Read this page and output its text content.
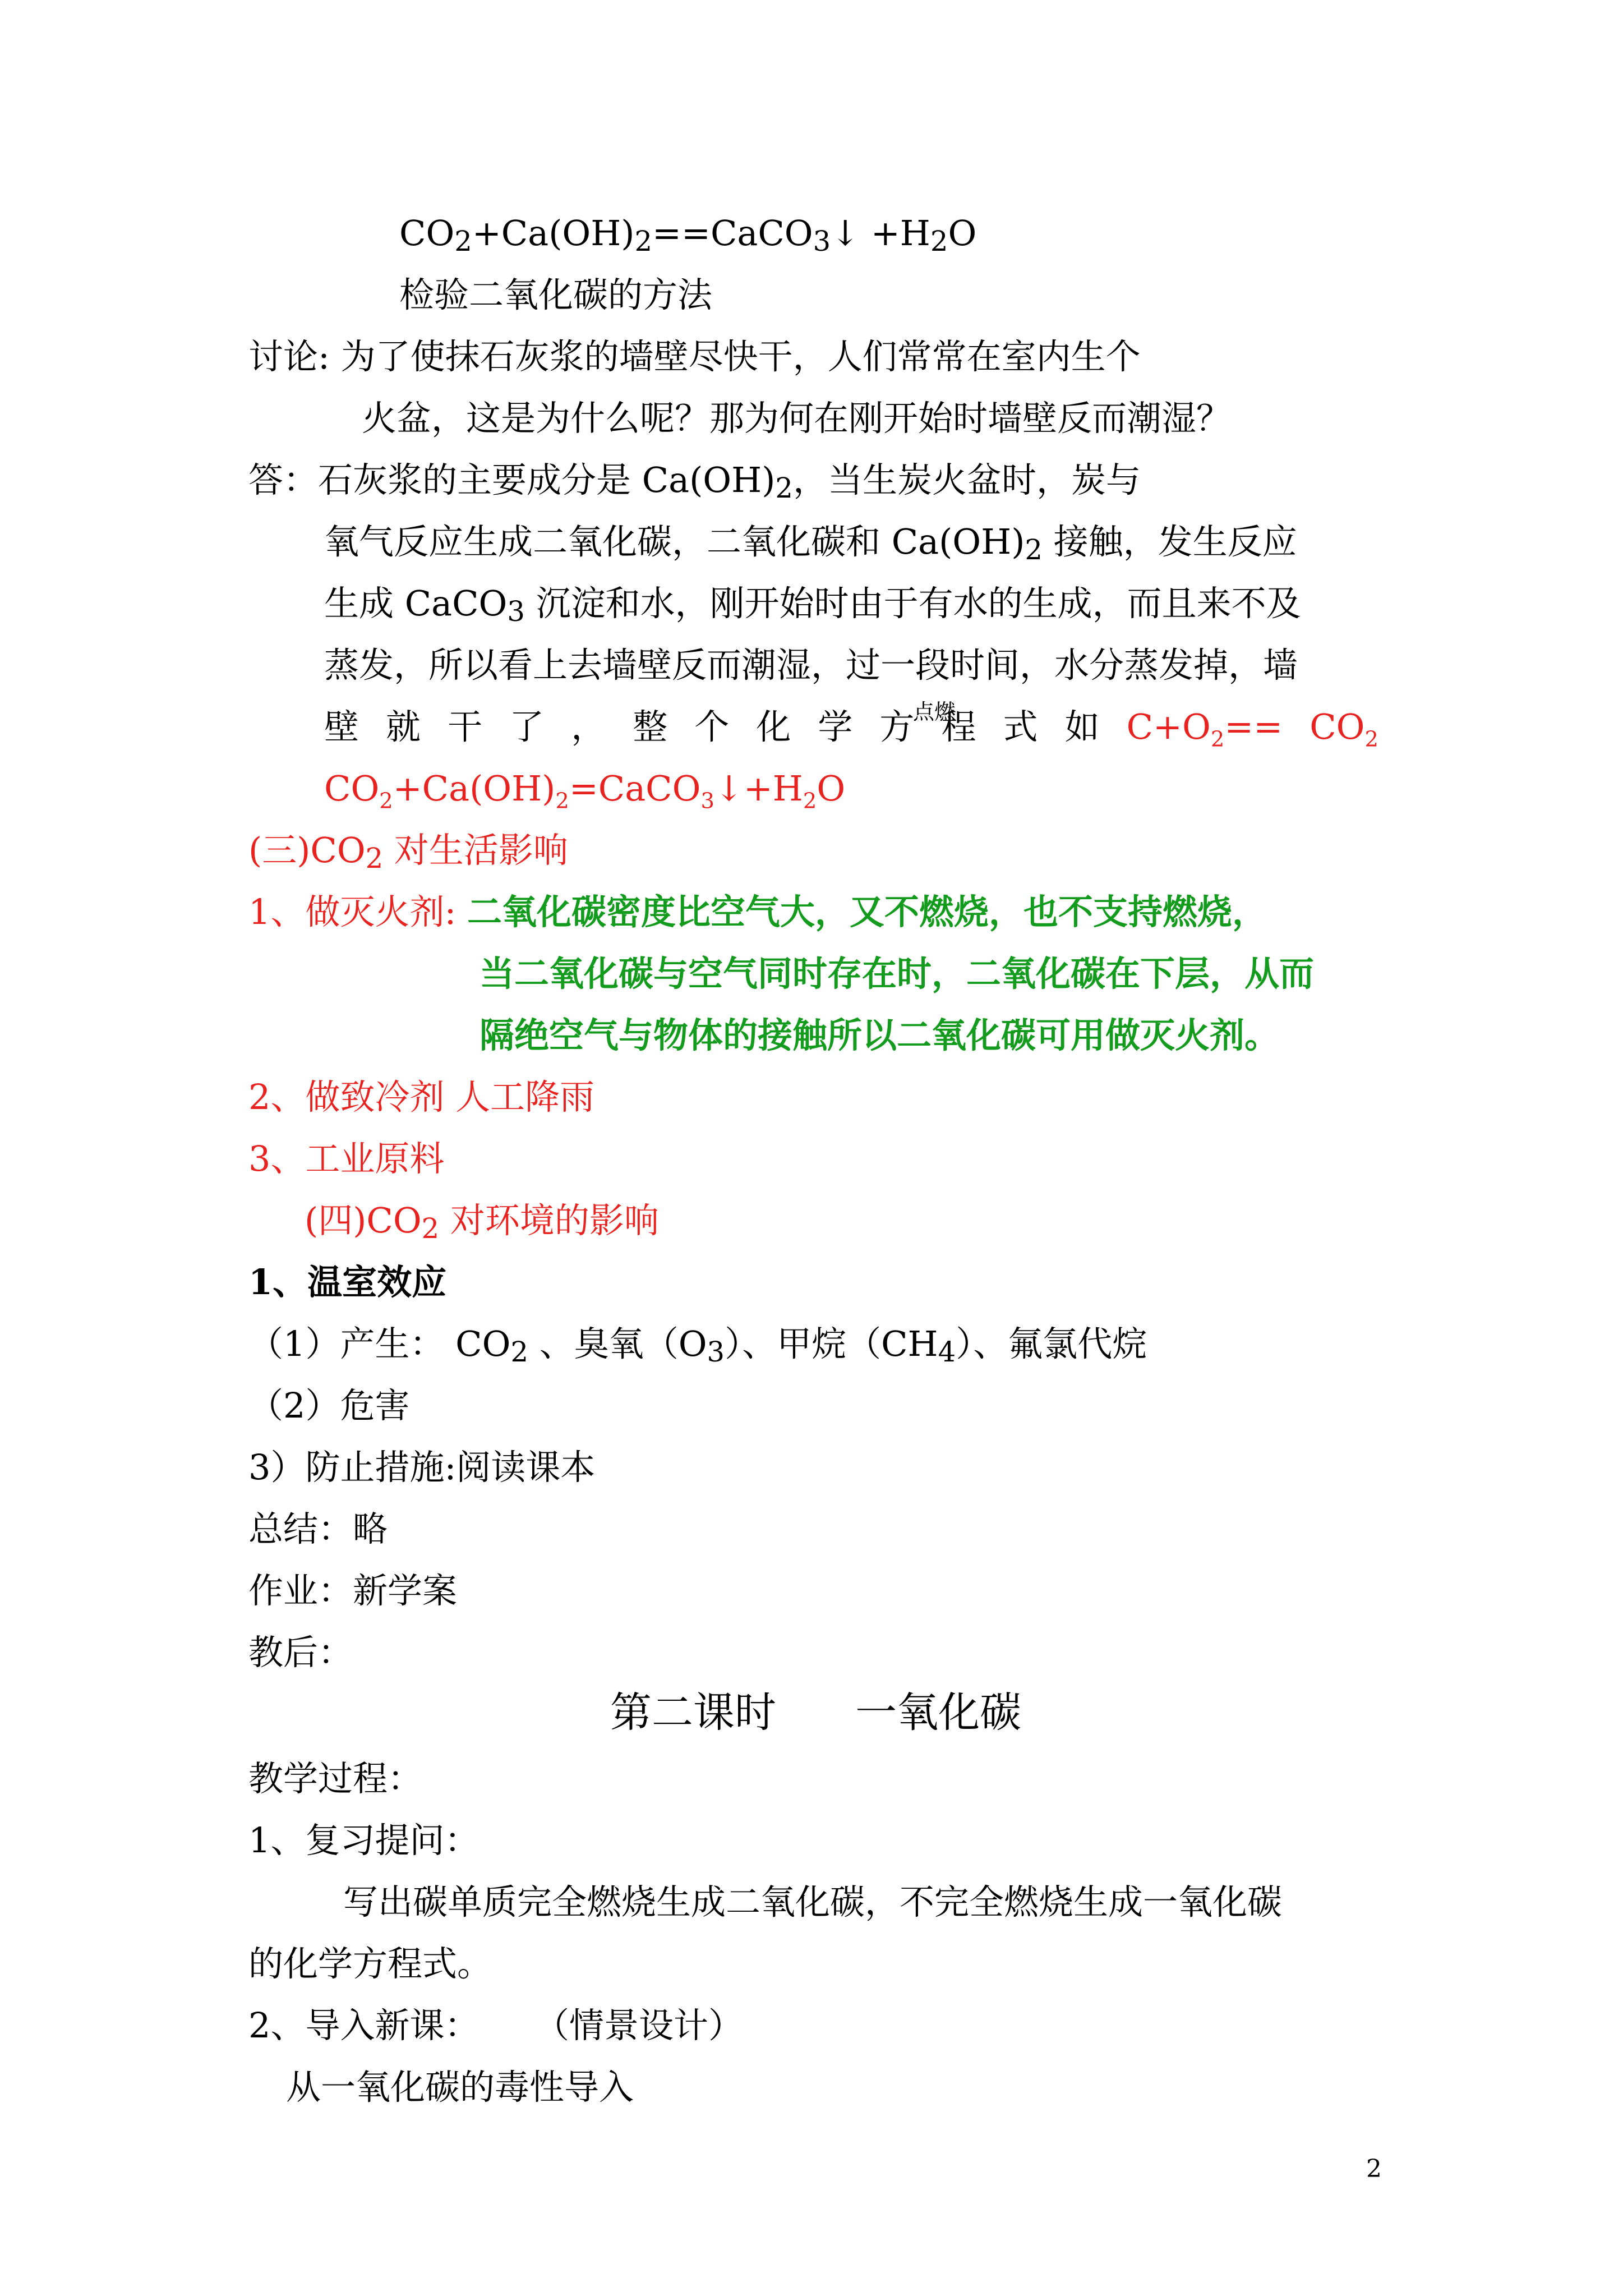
$CO_2+Ca(OH)_2==CaCO_3↓ +H_2O$
检验二氧化碳的方法
讨论: 为了使抹石灰浆的墙壁尽快干，人们常常在室内生个
火盆，这是为什么呢？那为何在刚开始时墙壁反而潮湿？
答：石灰浆的主要成分是 $Ca(OH)_2$，当生炭火盆时，炭与
氧气反应生成二氧化碳，二氧化碳和 $Ca(OH)_2$ 接触，发生反应
生成 CaCO$_3$ 沉淀和水，刚开始时由于有水的生成，而且来不及
蒸发，所以看上去墙壁反而潮湿，过一段时间，水分蒸发掉，墙
壁 就 干 了 ， 整 个 化 学 方 程 式 如 $C+O_2== CO_2$
点燃
$CO_2+Ca(OH)_2=CaCO_3↓+H_2O$
(三)$CO_2$ 对生活影响
1、做灭火剂: 二氧化碳密度比空气大，又不燃烧，也不支持燃烧，
当二氧化碳与空气同时存在时，二氧化碳在下层，从而
隔绝空气与物体的接触所以二氧化碳可用做灭火剂。
2、做致冷剂 人工降雨
3、工业原料
(四)$CO_2$ 对环境的影响
1、温室效应
（1）产生： $CO_2$ 、臭氧$(O_3)$、甲烷$(CH_4)$、氟氯代烷
（2）危害
3）防止措施:阅读课本
总结：略
作业：新学案
教后：
第二课时      一氧化碳
教学过程：
1、复习提问：
写出碳单质完全燃烧生成二氧化碳，不完全燃烧生成一氧化碳
的化学方程式。
2、导入新课：     （情景设计）
从一氧化碳的毒性导入
2
